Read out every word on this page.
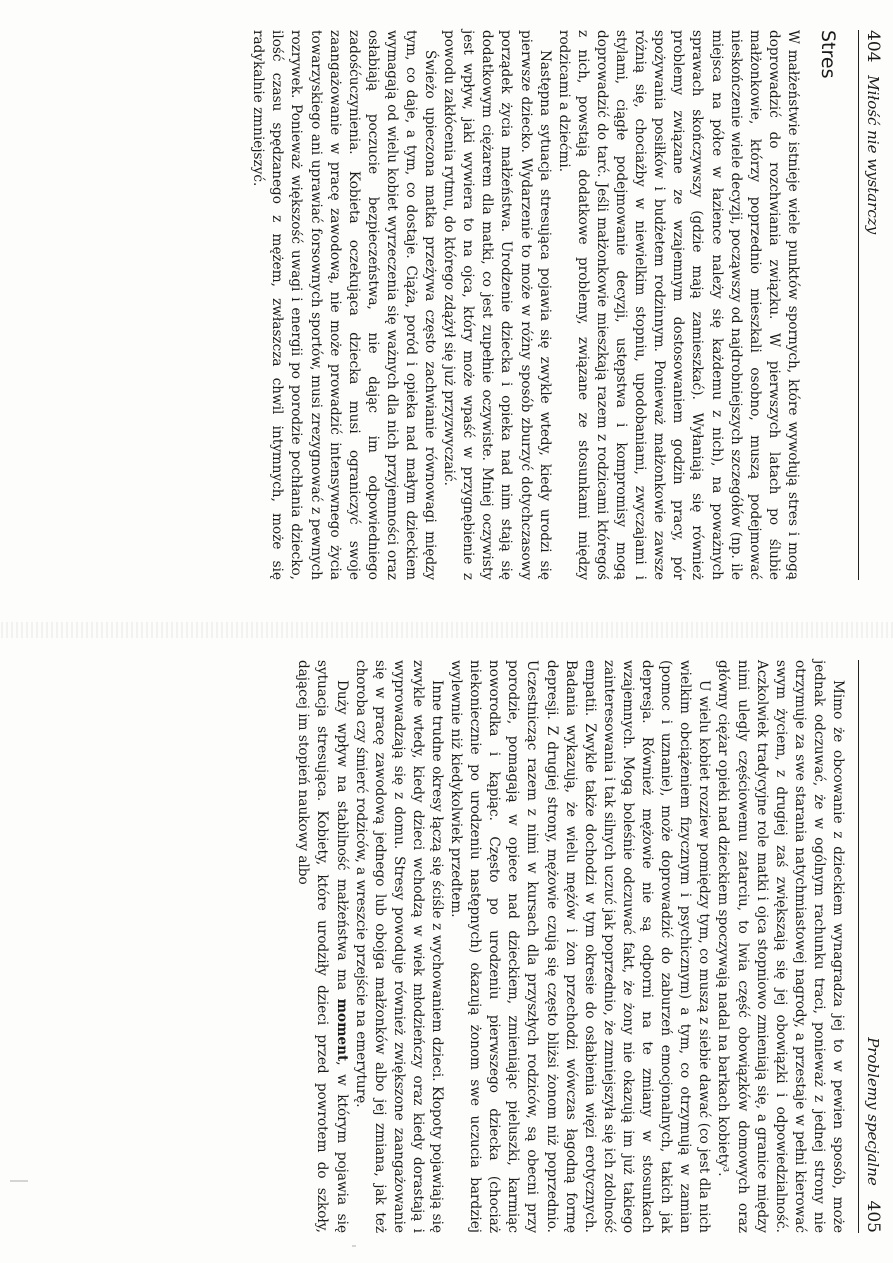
404 Miłość nie wystarczy
Stres

W małżeństwie istnieje wiele punktów spornych, które wywołują stres i mogą doprowadzić do rozchwiania związku. W pierwszych latach po ślubie małżonkowie, którzy poprzednio mieszkali osobno, muszą podejmować nieskończenie wiele decyzji, począwszy od najdrobniejszych szczegółów (np. ile miejsca na półce w łazience należy się każdemu z nich), na poważnych sprawach skończywszy (gdzie mają zamieszkać). Wyłaniają się również problemy związane ze wzajemnym dostosowaniem godzin pracy, pór spożywania posiłków i budżetem rodzinnym. Ponieważ małżonkowie zawsze różnią się, chociażby w niewielkim stopniu, upodobaniami, zwyczajami i stylami, ciągłe podejmowanie decyzji, ustępstwa i kompromisy mogą doprowadzić do tarć. Jeśli małżonkowie mieszkają razem z rodzicami któregoś z nich, powstają dodatkowe problemy, związane ze stosunkami między rodzicami a dziećmi.

Następna sytuacja stresująca pojawia się zwykle wtedy, kiedy urodzi się pierwsze dziecko. Wydarzenie to może w różny sposób zburzyć dotychczasowy porządek życia małżeństwa. Urodzenie dziecka i opieka nad nim stają się dodatkowym ciężarem dla matki, co jest zupełnie oczywiste. Mniej oczywisty jest wpływ, jaki wywiera to na ojca, który może wpaść w przygnębienie z powodu zakłócenia rytmu, do którego zdążył się już przyzwyczaić.

Świeżo upieczona matka przeżywa często zachwianie równowagi między tym, co daje, a tym, co dostaje. Ciąża, poród i opieka nad małym dzieckiem wymagają od wielu kobiet wyrzeczenia się ważnych dla nich przyjemności oraz osłabiają poczucie bezpieczeństwa, nie dając im odpowiedniego zadośćuczynienia. Kobieta oczekująca dziecka musi ograniczyć swoje zaangażowanie w pracę zawodową, nie może prowadzić intensywnego życia towarzyskiego ani uprawiać forsownych sportów, musi zrezygnować z pewnych rozrywek. Ponieważ większość uwagi i energii po porodzie pochłania dziecko, ilość czasu spędzanego z mężem, zwłaszcza chwil intymnych, może się radykalnie zmniejszyć.

Problemy specjalne 405

Mimo że obcowanie z dzieckiem wynagradza jej to w pewien sposób, może jednak odczuwać, że w ogólnym rachunku traci, ponieważ z jednej strony nie otrzymuje za swe starania natychmiastowej nagrody, a przestaje w pełni kierować swym życiem, z drugiej zaś zwiększają się jej obowiązki i odpowiedzialność. Aczkolwiek tradycyjne role matki i ojca stopniowo zmieniają się, a granice między nimi ulegly częściowemu zatarciu, to lwia część obowiązków domowych oraz główny ciężar opieki nad dzieckiem spoczywają nadal na barkach kobiety³.

U wielu kobiet rozziew pomiędzy tym, co muszą z siebie dawać (co jest dla nich wielkim obciążeniem fizycznym i psychicznym) a tym, co otrzymują w zamian (pomoc i uznanie), może doprowadzić do zaburzeń emocjonalnych, takich jak depresja. Również mężowie nie są odporni na te zmiany w stosunkach wzajemnych. Mogą boleśnie odczuwać fakt, że żony nie okazują im już takiego zainteresowania i tak silnych uczuć jak poprzednio, że zmniejszyła się ich zdolność empatii. Zwykle także dochodzi w tym okresie do osłabienia więzi erotycznych. Badania wykazują, że wielu mężów i żon przechodzi wówczas łagodną formę depresji. Z drugiej strony, mężowie czują się często bliżsi żonom niż poprzednio. Uczestnicząc razem z nimi w kursach dla przyszłych rodziców, są obecni przy porodzie, pomagają w opiece nad dzieckiem, zmieniając pieluszki, karmiąc noworodka i kąpiąc. Często po urodzeniu pierwszego dziecka (chociaż niekoniecznie po urodzeniu następnych) okazują żonom swe uczucia bardziej wylewnie niż kiedykolwiek przedtem.

Inne trudne okresy łączą się ściśle z wychowaniem dzieci. Kłopoty pojawiają się zwykle wtedy, kiedy dzieci wchodzą w wiek młodzieńczy oraz kiedy dorastają i wyprowadzają się z domu. Stresy powoduje również zwiększone zaangażowanie się w pracę zawodową jednego lub obojga małżonków albo jej zmiana, jak też choroba czy śmierć rodziców, a wreszcie przejście na emeryturę.

Duży wpływ na stabilność małżeństwa ma moment, w którym pojawia się sytuacja stresująca. Kobiety, które urodziły dzieci przed powrotem do szkoły, dającej im stopień naukowy albo
